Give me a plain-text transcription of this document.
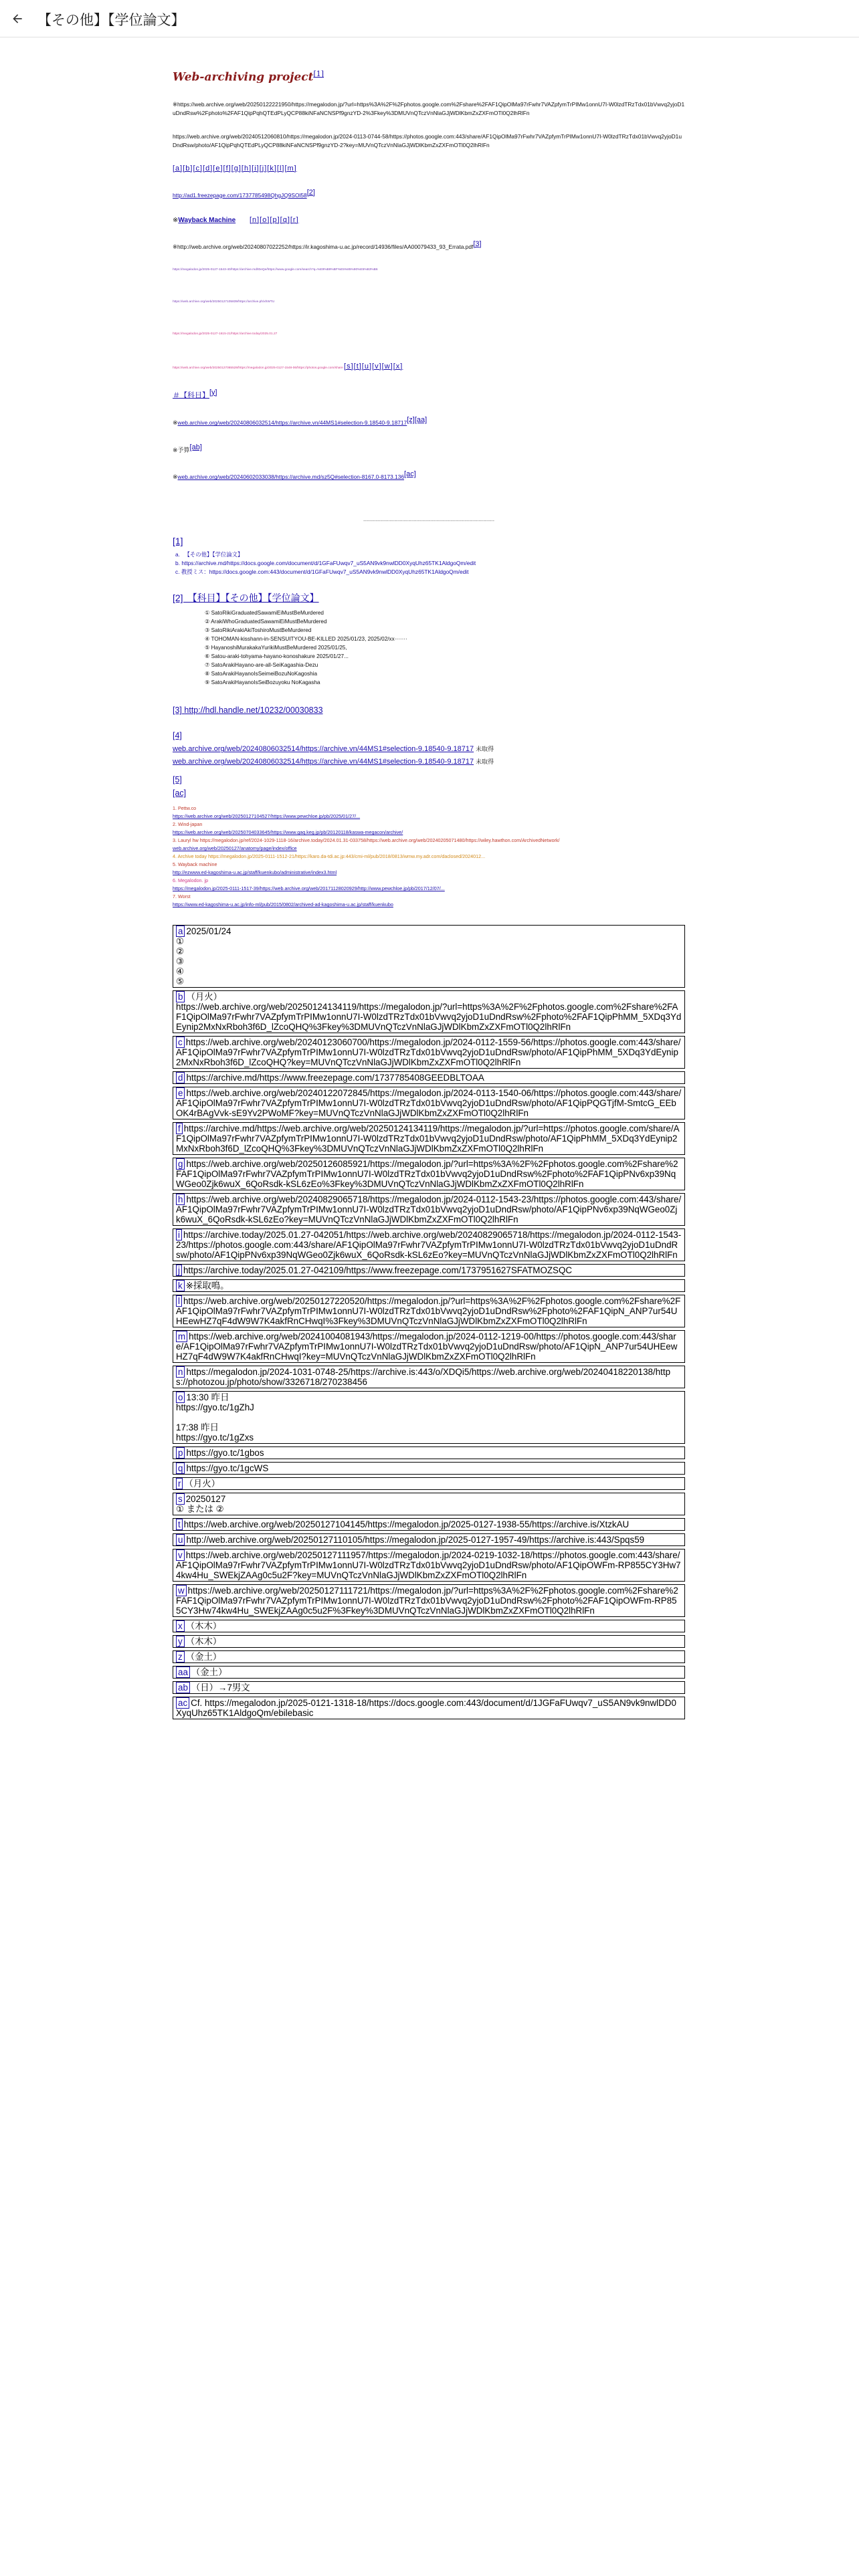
【その他】【学位論文】
Web-archiving project[1]

※https://web.archive.org/web/20250122221950/https://megalodon.jp/?url=https%3A%2F%2Fphotos.google.com%2Fshare%2FAF1QipOlMa97rFwhr7VAZpfymTrPIMw1onnU7I-W0lzdTRzTdx01bVwvq2yjoD1uDndRsw%2Fphoto%2FAF1QipPqhQTEdPLyQCP88kiNFaNCNSPf9gnzYD-2%3Fkey%3DMUVnQTczVnNlaGJjWDlKbmZxZXFmOTl0Q2lhRlFn

https://web.archive.org/web/20240512060810/https://megalodon.jp/2024-0113-0744-58/https://photos.google.com:443/share/AF1QipOlMa97rFwhr7VAZpfymTrPIMw1onnU7I-W0lzdTRzTdx01bVwvq2yjoD1uDndRsw/photo/AF1QipPqhQTEdPLyQCP88kiNFaNCNSPf9gnzYD-2?key=MUVnQTczVnNlaGJjWDlKbmZxZXFmOTl0Q2lhRlFn

[a][b][c][d][e][f][g][h][i][j][k][l][m]
http://ad1.freezepage.com/1737785498QhgJQ9SOl58[2]
※Wayback Machine [n][o][p][q][r]
※http://web.archive.org/web/20240807022252/https://ir.kagoshima-u.ac.jp/record/14936/files/AA00079433_93_Errata.pdf[3]

https://megalodon.jp/2025-0127-1543-40/https://archive.md/t0eQe/https://www.google.com/search?q=%E9%B9%BF%E5%85%90%E5%B3%B6

https://web.archive.org/web/20250127105839/https://archive.ph/xhWTU

https://megalodon.jp/2025-0127-1615-21/https://archive.today/2025.01.27

https://web.archive.org/web/20250127065528/https://megalodon.jp/2025-0127-1548-06/https://photos.google.com/share [s][t][u][v][w][x]
＃【科目】[y]
※web.archive.org/web/20240806032514/https://archive.vn/44MS1#selection-9.18540-9.18717[z][aa]
※予算[ab]
※web.archive.org/web/20240602033038/https://archive.md/sz5Q#selection-8167.0-8173.136[ac]
------------------------------------------------------------------------------------
[1]
a. 　【その他】【学位論文】
b. https://archive.md/https://docs.google.com/document/d/1GFaFUwqv7_uS5AN9vk9nwlDD0XyqUhz65TK1AldgoQm/edit
c. 教授ミス：https://docs.google.com:443/document/d/1GFaFUwqv7_uS5AN9vk9nwlDD0XyqUhz65TK1AldgoQm/edit
[2]　【科目】【その他】【学位論文】
① SatoRikiGraduatedSawamiEiMustBeMurdered
② ArakiWhoGraduatedSawamiEiMustBeMurdered
③ SatoRikiArakiAkiToshiroMustBeMurdered
④ TOHOMAN-kisshann-in-SENSUITYOU-BE-KILLED 2025/01/23, 2025/02/xx·······
⑤ HayanoshiMurakakaYurikiMustBeMurdered 2025/01/25,
⑥ Satou-araki-tohyama-hayano-konoshakure 2025/01/27...
⑦ SatoArakiHayano-are-all-SeiKagashia-Dezu
⑧ SatoArakiHayanoIsSeimeiBozuNoKagoshia
⑨ SatoArakiHayanoIsSeiBozuyoku NoKagasha
[3] http://hdl.handle.net/10232/00030833
[4]
web.archive.org/web/20240806032514/https://archive.vn/44MS1#selection-9.18540-9.18717 未取得
web.archive.org/web/20240806032514/https://archive.vn/44MS1#selection-9.18540-9.18717 未取得
[5]
[ac]
1. Pettw.co
https://web.archive.org/web/20250127104527/https://www.pewchloe.jp/pb/2025/01/27/...
2. Wind-japan
https://web.archive.org/web/20250704033645/https://www.gaq.keg.jp/pb/20120118/kaswa-megacon/archive/
3. Lauryl hw https://megalodon.jp/ref/2024-1029-1118-16/archive.today/2024.01.31-033758/https://web.archive.org/web/20240205071480/https://wiley.hawthon.com/ArchivedNetwork/
web.archive.org/web/20250127/anatomy/page/index/office
4. Archive today https://megalodon.jp/2025-0111-1512-21/https://karo.da-tdi.ac.jp:443/cmi-ml/pub/2018/0813/wmw.my.adr.com/daclosed/2024012...
5. Wayback machine
http://ezwww.ed-kagoshima-u.ac.jp/staff/kuenkubo/administrative/index3.html
6. Megalodon. jp
https://megalodon.jp/2025-0111-1517-39/https://web.archive.org/web/20171128020929/http://www.pewchloe.jp/pb/2017/12/07/...
7. Worst
https://www.ed-kagoshima-u.ac.jp/info-ml/pub/2015/0802/archived-ad-kagoshima-u.ac.jp/staff/kuenkubo
a 2025/01/24
①
②
③
④
⑤
b （月火）
https://web.archive.org/web/20250124134119/https://megalodon.jp/?url=https%3A%2F%2Fphotos.google.com%2Fshare%2FAF1QipOlMa97rFwhr7VAZpfymTrPIMw1onnU7I-W0lzdTRzTdx01bVwvq2yjoD1uDndRsw%2Fphoto%2FAF1QipPhMM_5XDq3YdEynip2MxNxRboh3f6D_lZcoQHQ%3Fkey%3DMUVnQTczVnNlaGJjWDlKbmZxZXFmOTl0Q2lhRlFn
c https://web.archive.org/web/20240123060700/https://megalodon.jp/2024-0112-1559-56/https://photos.google.com:443/share/AF1QipOlMa97rFwhr7VAZpfymTrPIMw1onnU7I-W0lzdTRzTdx01bVwvq2yjoD1uDndRsw/photo/AF1QipPhMM_5XDq3YdEynip2MxNxRboh3f6D_lZcoQHQ?key=MUVnQTczVnNlaGJjWDlKbmZxZXFmOTl0Q2lhRlFn
d https://archive.md/https://www.freezepage.com/1737785408GEEDBLTOAA
e https://web.archive.org/web/20240122072845/https://megalodon.jp/2024-0113-1540-06/https://photos.google.com:443/share/AF1QipOlMa97rFwhr7VAZpfymTrPIMw1onnU7I-W0lzdTRzTdx01bVwvq2yjoD1uDndRsw/photo/AF1QipPQGTjfM-SmtcG_EEbOK4rBAgVvk-sE9Yv2PWoMF?key=MUVnQTczVnNlaGJjWDlKbmZxZXFmOTl0Q2lhRlFn
f https://archive.md/https://web.archive.org/web/20250124134119/https://megalodon.jp/?url=https://photos.google.com/share/AF1QipOlMa97rFwhr7VAZpfymTrPIMw1onnU7I-W0lzdTRzTdx01bVwvq2yjoD1uDndRsw/photo/AF1QipPhMM_5XDq3YdEynip2MxNxRboh3f6D_lZcoQHQ%3Fkey%3DMUVnQTczVnNlaGJjWDlKbmZxZXFmOTl0Q2lhRlFn
g https://web.archive.org/web/20250126085921/https://megalodon.jp/?url=https%3A%2F%2Fphotos.google.com%2Fshare%2FAF1QipOlMa97rFwhr7VAZpfymTrPIMw1onnU7I-W0lzdTRzTdx01bVwvq2yjoD1uDndRsw%2Fphoto%2FAF1QipPNv6xp39NqWGeo0Zjk6wuX_6QoRsdk-kSL6zEo%3Fkey%3DMUVnQTczVnNlaGJjWDlKbmZxZXFmOTl0Q2lhRlFn
h https://web.archive.org/web/20240829065718/https://megalodon.jp/2024-0112-1543-23/https://photos.google.com:443/share/AF1QipOlMa97rFwhr7VAZpfymTrPIMw1onnU7I-W0lzdTRzTdx01bVwvq2yjoD1uDndRsw/photo/AF1QipPNv6xp39NqWGeo0Zjk6wuX_6QoRsdk-kSL6zEo?key=MUVnQTczVnNlaGJjWDlKbmZxZXFmOTl0Q2lhRlFn
i https://archive.today/2025.01.27-042051/https://web.archive.org/web/20240829065718/https://megalodon.jp/2024-0112-1543-23/https://photos.google.com:443/share/AF1QipOlMa97rFwhr7VAZpfymTrPIMw1onnU7I-W0lzdTRzTdx01bVwvq2yjoD1uDndRsw/photo/AF1QipPNv6xp39NqWGeo0Zjk6wuX_6QoRsdk-kSL6zEo?key=MUVnQTczVnNlaGJjWDlKbmZxZXFmOTl0Q2lhRlFn
j https://archive.today/2025.01.27-042109/https://www.freezepage.com/1737951627SFATMOZSQC
k ※採取鳴。
l https://web.archive.org/web/20250127220520/https://megalodon.jp/?url=https%3A%2F%2Fphotos.google.com%2Fshare%2FAF1QipOlMa97rFwhr7VAZpfymTrPIMw1onnU7I-W0lzdTRzTdx01bVwvq2yjoD1uDndRsw%2Fphoto%2FAF1QipN_ANP7ur54UHEewHZ7qF4dW9W7K4akfRnCHwqI%3Fkey%3DMUVnQTczVnNlaGJjWDlKbmZxZXFmOTl0Q2lhRlFn
m https://web.archive.org/web/20241004081943/https://megalodon.jp/2024-0112-1219-00/https://photos.google.com:443/share/AF1QipOlMa97rFwhr7VAZpfymTrPIMw1onnU7I-W0lzdTRzTdx01bVwvq2yjoD1uDndRsw/photo/AF1QipN_ANP7ur54UHEewHZ7qF4dW9W7K4akfRnCHwqI?key=MUVnQTczVnNlaGJjWDlKbmZxZXFmOTl0Q2lhRlFn
n https://megalodon.jp/2024-1031-0748-25/https://archive.is:443/o/XDQi5/https://web.archive.org/web/20240418220138/https://photozou.jp/photo/show/3326718/270238456
o 13:30 昨日
https://gyo.tc/1gZhJ

17:38 昨日
https://gyo.tc/1gZxs
p https://gyo.tc/1gbos
q https://gyo.tc/1gcWS
r （月火）
s 20250127
① または ②
t https://web.archive.org/web/20250127104145/https://megalodon.jp/2025-0127-1938-55/https://archive.is/XtzkAU
u http://web.archive.org/web/20250127110105/https://megalodon.jp/2025-0127-1957-49/https://archive.is:443/Spqs59
v https://web.archive.org/web/20250127111957/https://megalodon.jp/2024-0219-1032-18/https://photos.google.com:443/share/AF1QipOlMa97rFwhr7VAZpfymTrPIMw1onnU7I-W0lzdTRzTdx01bVwvq2yjoD1uDndRsw/photo/AF1QipOWFm-RP855CY3Hw74kw4Hu_SWEkjZAAg0c5u2F?key=MUVnQTczVnNlaGJjWDlKbmZxZXFmOTl0Q2lhRlFn
w https://web.archive.org/web/20250127111721/https://megalodon.jp/?url=https%3A%2F%2Fphotos.google.com%2Fshare%2FAF1QipOlMa97rFwhr7VAZpfymTrPIMw1onnU7I-W0lzdTRzTdx01bVwvq2yjoD1uDndRsw%2Fphoto%2FAF1QipOWFm-RP855CY3Hw74kw4Hu_SWEkjZAAg0c5u2F%3Fkey%3DMUVnQTczVnNlaGJjWDlKbmZxZXFmOTl0Q2lhRlFn
x （木木）
y （木木）
z （金土）
aa （金土）
ab （日）→7男文
ac Cf. https://megalodon.jp/2025-0121-1318-18/https://docs.google.com:443/document/d/1JGFaFUwqv7_uS5AN9vk9nwlDD0XyqUhz65TK1AldgoQm/ebilebasic
